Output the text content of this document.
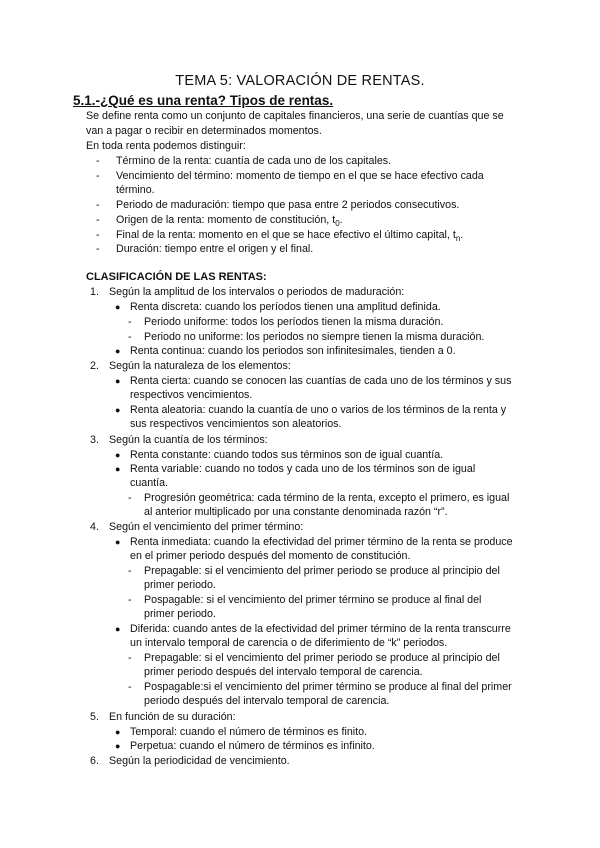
TEMA 5: VALORACIÓN DE RENTAS.
5.1.-¿Qué es una renta? Tipos de rentas.
Se define renta como un conjunto de capitales financieros, una serie de cuantías que se
van a pagar o recibir en determinados momentos.
En toda renta podemos distinguir:
- Término de la renta: cuantía de cada uno de los capitales.
- Vencimiento del término: momento de tiempo en el que se hace efectivo cada
término.
- Periodo de maduración: tiempo que pasa entre 2 periodos consecutivos.
- Origen de la renta: momento de constitución, $t_0$.
- Final de la renta: momento en el que se hace efectivo el último capital, $t_n$.
- Duración: tiempo entre el origen y el final.
CLASIFICACIÓN DE LAS RENTAS:
1. Según la amplitud de los intervalos o periodos de maduración:
● Renta discreta: cuando los períodos tienen una amplitud definida.
- Periodo uniforme: todos los períodos tienen la misma duración.
- Periodo no uniforme: los periodos no siempre tienen la misma duración.
● Renta continua: cuando los periodos son infinitesimales, tienden a 0.
2. Según la naturaleza de los elementos:
● Renta cierta: cuando se conocen las cuantías de cada uno de los términos y sus
respectivos vencimientos.
● Renta aleatoria: cuando la cuantía de uno o varios de los términos de la renta y
sus respectivos vencimientos son aleatorios.
3. Según la cuantía de los términos:
● Renta constante: cuando todos sus términos son de igual cuantía.
● Renta variable: cuando no todos y cada uno de los términos son de igual
cuantía.
- Progresión geométrica: cada término de la renta, excepto el primero, es igual
al anterior multiplicado por una constante denominada razón “r”.
4. Según el vencimiento del primer término:
● Renta inmediata: cuando la efectividad del primer término de la renta se produce
en el primer periodo después del momento de constitución.
- Prepagable: si el vencimiento del primer periodo se produce al principio del
primer periodo.
- Pospagable: si el vencimiento del primer término se produce al final del
primer periodo.
● Diferida: cuando antes de la efectividad del primer término de la renta transcurre
un intervalo temporal de carencia o de diferimiento de “k” periodos.
- Prepagable: si el vencimiento del primer periodo se produce al principio del
primer periodo después del intervalo temporal de carencia.
- Pospagable:si el vencimiento del primer término se produce al final del primer
periodo después del intervalo temporal de carencia.
5. En función de su duración:
● Temporal: cuando el número de términos es finito.
● Perpetua: cuando el número de términos es infinito.
6. Según la periodicidad de vencimiento.
